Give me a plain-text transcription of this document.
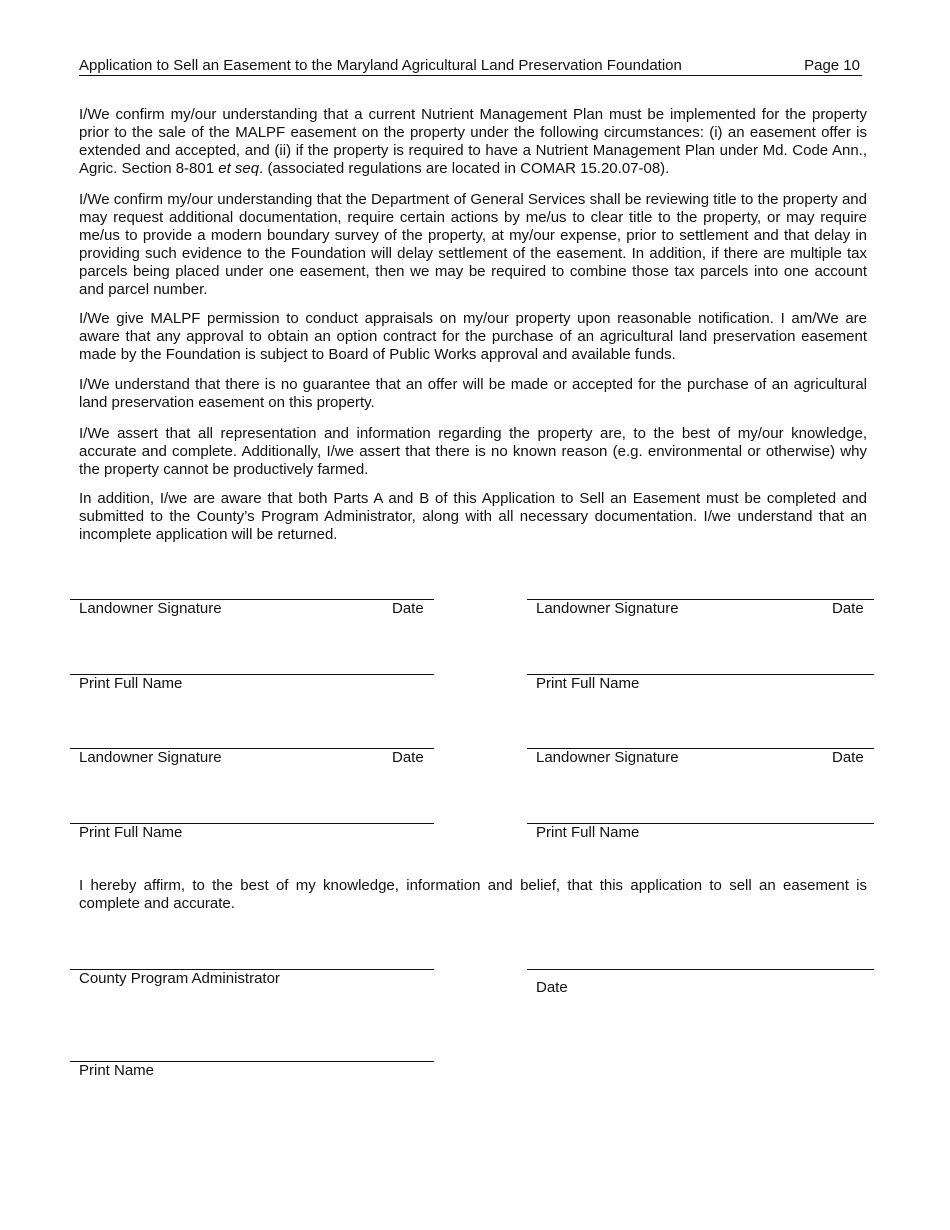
Application to Sell an Easement to the Maryland Agricultural Land Preservation Foundation	Page 10

I/We confirm my/our understanding that a current Nutrient Management Plan must be implemented for the property prior to the sale of the MALPF easement on the property under the following circumstances: (i) an easement offer is extended and accepted, and (ii) if the property is required to have a Nutrient Management Plan under Md. Code Ann., Agric. Section 8-801 et seq. (associated regulations are located in COMAR 15.20.07-08).

I/We confirm my/our understanding that the Department of General Services shall be reviewing title to the property and may request additional documentation, require certain actions by me/us to clear title to the property, or may require me/us to provide a modern boundary survey of the property, at my/our expense, prior to settlement and that delay in providing such evidence to the Foundation will delay settlement of the easement. In addition, if there are multiple tax parcels being placed under one easement, then we may be required to combine those tax parcels into one account and parcel number.

I/We give MALPF permission to conduct appraisals on my/our property upon reasonable notification. I am/We are aware that any approval to obtain an option contract for the purchase of an agricultural land preservation easement made by the Foundation is subject to Board of Public Works approval and available funds.

I/We understand that there is no guarantee that an offer will be made or accepted for the purchase of an agricultural land preservation easement on this property.

I/We assert that all representation and information regarding the property are, to the best of my/our knowledge, accurate and complete. Additionally, I/we assert that there is no known reason (e.g. environmental or otherwise) why the property cannot be productively farmed.

In addition, I/we are aware that both Parts A and B of this Application to Sell an Easement must be completed and submitted to the County’s Program Administrator, along with all necessary documentation. I/we understand that an incomplete application will be returned.

Landowner Signature	Date	Landowner Signature	Date
Print Full Name	Print Full Name
Landowner Signature	Date	Landowner Signature	Date
Print Full Name	Print Full Name

I hereby affirm, to the best of my knowledge, information and belief, that this application to sell an easement is complete and accurate.

County Program Administrator
Date
Print Name
